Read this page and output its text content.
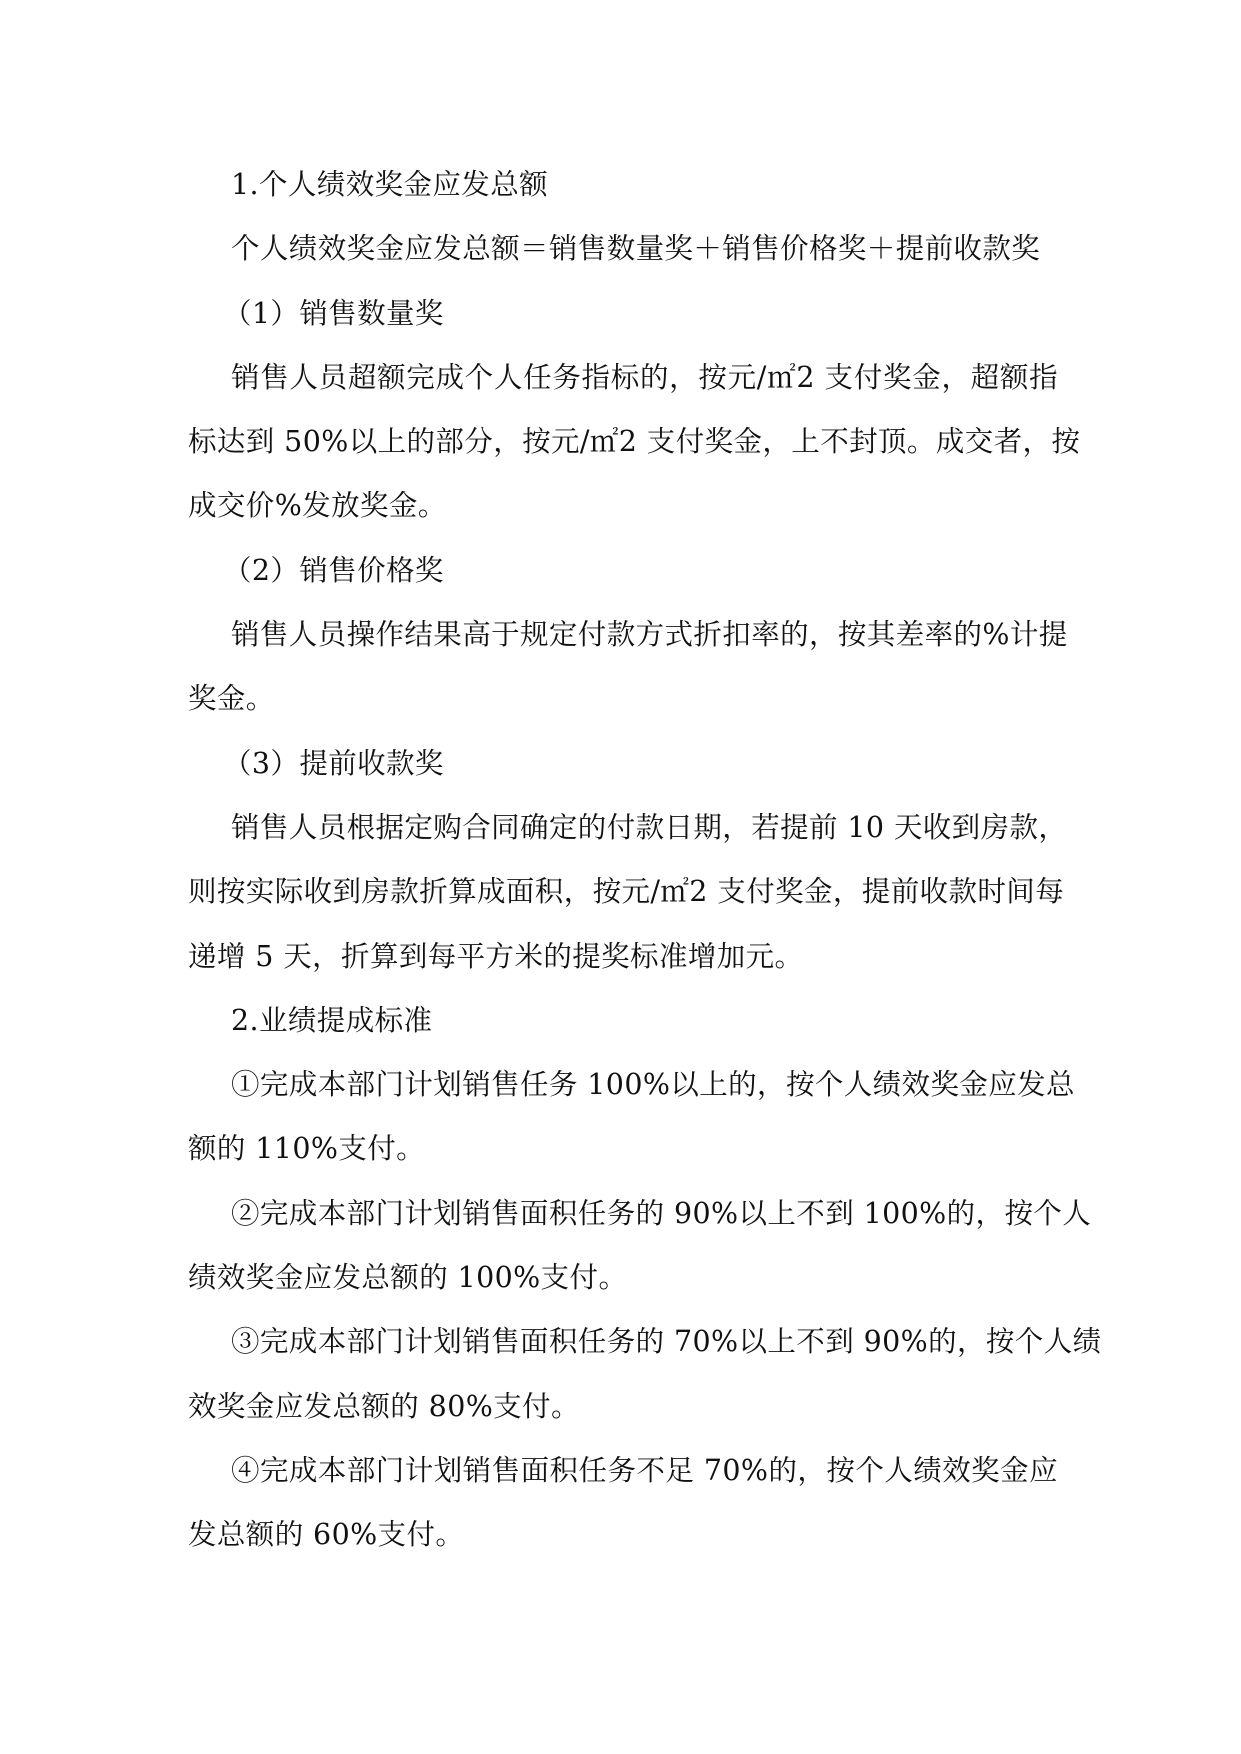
1.个人绩效奖金应发总额
个人绩效奖金应发总额＝销售数量奖＋销售价格奖＋提前收款奖
（1）销售数量奖
销售人员超额完成个人任务指标的，按元/㎡2 支付奖金，超额指
标达到 50%以上的部分，按元/㎡2 支付奖金，上不封顶。成交者，按
成交价%发放奖金。
（2）销售价格奖
销售人员操作结果高于规定付款方式折扣率的，按其差率的%计提
奖金。
（3）提前收款奖
销售人员根据定购合同确定的付款日期，若提前 10 天收到房款，
则按实际收到房款折算成面积，按元/㎡2 支付奖金，提前收款时间每
递增 5 天，折算到每平方米的提奖标准增加元。
2.业绩提成标准
①完成本部门计划销售任务 100%以上的，按个人绩效奖金应发总
额的 110%支付。
②完成本部门计划销售面积任务的 90%以上不到 100%的，按个人
绩效奖金应发总额的 100%支付。
③完成本部门计划销售面积任务的 70%以上不到 90%的，按个人绩
效奖金应发总额的 80%支付。
④完成本部门计划销售面积任务不足 70%的，按个人绩效奖金应
发总额的 60%支付。
